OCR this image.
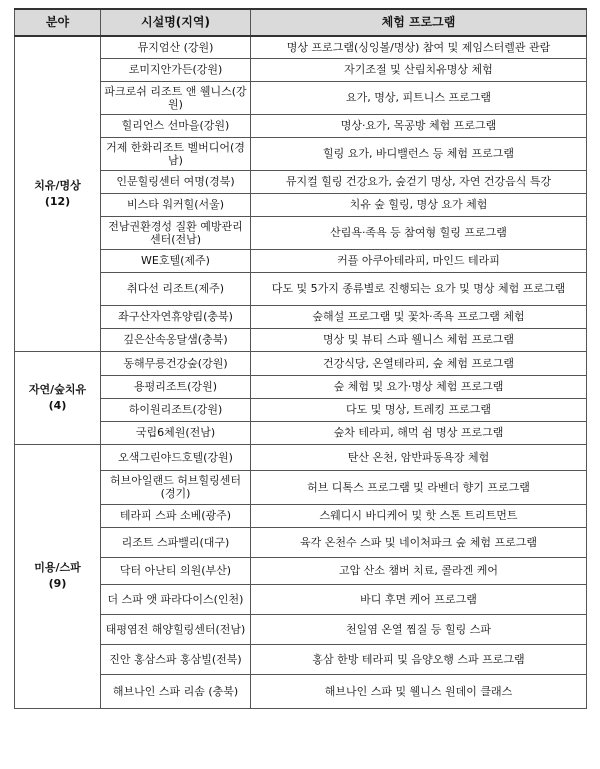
분야	시설명(지역)	체험 프로그램

치유/명상
(12)	뮤지엄산 (강원)	명상 프로그램(싱잉볼/명상) 참여 및 제임스터렐관 관람
	로미지안가든(강원)	자기조절 및 산림치유명상 체험
	파크로쉬 리조트 앤 웰니스(강원)	요가, 명상, 피트니스 프로그램
	힐리언스 선마을(강원)	명상·요가, 목공방 체험 프로그램
	거제 한화리조트 벨버디어(경남)	힐링 요가, 바디밸런스 등 체험 프로그램
	인문힐링센터 여명(경북)	뮤지컬 힐링 건강요가, 숲걷기 명상, 자연 건강음식 특강
	비스타 워커힐(서울)	치유 숲 힐링, 명상 요가 체험
	전남권환경성 질환 예방관리센터(전남)	산림욕·족욕 등 참여형 힐링 프로그램
	WE호텔(제주)	커플 아쿠아테라피, 마인드 테라피
	취다선 리조트(제주)	다도 및 5가지 종류별로 진행되는 요가 및 명상 체험 프로그램
	좌구산자연휴양림(충북)	숲해설 프로그램 및 꽃차·족욕 프로그램 체험
	깊은산속옹달샘(충북)	명상 및 뷰티 스파 웰니스 체험 프로그램

자연/숲치유
(4)	동해무릉건강숲(강원)	건강식당, 온열테라피, 숲 체험 프로그램
	용평리조트(강원)	숲 체험 및 요가·명상 체험 프로그램
	하이원리조트(강원)	다도 및 명상, 트레킹 프로그램
	국립6체원(전남)	숲차 테라피, 해먹 쉼 명상 프로그램

미용/스파
(9)	오색그린야드호텔(강원)	탄산 온천, 암반파동욕장 체험
	허브아일랜드 허브힐링센터(경기)	허브 디톡스 프로그램 및 라벤더 향기 프로그램
	테라피 스파 소베(광주)	스웨디시 바디케어 및 핫 스톤 트리트먼트
	리조트 스파밸리(대구)	육각 온천수 스파 및 네이처파크 숲 체험 프로그램
	닥터 아난티 의원(부산)	고압 산소 챔버 치료, 콜라겐 케어
	더 스파 앳 파라다이스(인천)	바디 후면 케어 프로그램
	태평염전 해양힐링센터(전남)	천일염 온열 찜질 등 힐링 스파
	진안 홍삼스파 홍삼빌(전북)	홍삼 한방 테라피 및 음양오행 스파 프로그램
	해브나인 스파 리솜 (충북)	해브나인 스파 및 웰니스 원데이 클래스
